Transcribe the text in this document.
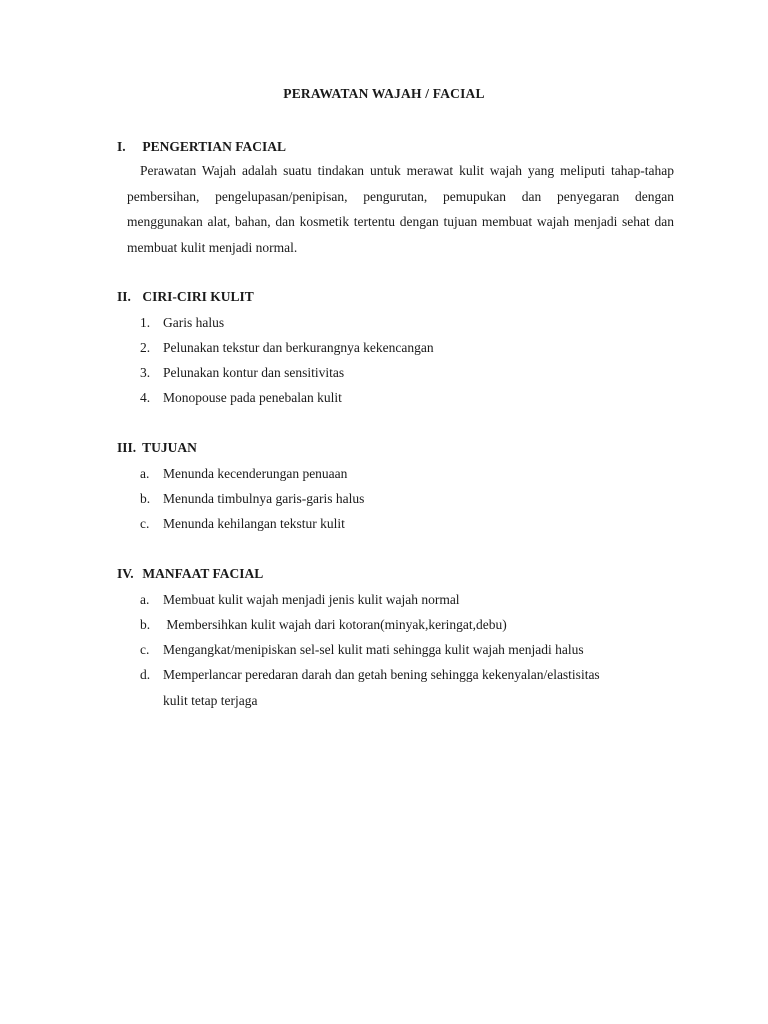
PERAWATAN WAJAH / FACIAL
I. PENGERTIAN FACIAL
Perawatan Wajah adalah suatu tindakan untuk merawat kulit wajah yang meliputi tahap-tahap pembersihan, pengelupasan/penipisan, pengurutan, pemupukan dan penyegaran dengan menggunakan alat, bahan, dan kosmetik tertentu dengan tujuan membuat wajah menjadi sehat dan membuat kulit menjadi normal.
II. CIRI-CIRI KULIT
1. Garis halus
2. Pelunakan tekstur dan berkurangnya kekencangan
3. Pelunakan kontur dan sensitivitas
4. Monopouse pada penebalan kulit
III. TUJUAN
a. Menunda kecenderungan penuaan
b. Menunda timbulnya garis-garis halus
c. Menunda kehilangan tekstur kulit
IV. MANFAAT FACIAL
a. Membuat kulit wajah menjadi jenis kulit wajah normal
b. Membersihkan kulit wajah dari kotoran(minyak,keringat,debu)
c. Mengangkat/menipiskan sel-sel kulit mati sehingga kulit wajah menjadi halus
d. Memperlancar peredaran darah dan getah bening sehingga kekenyalan/elastisitas
kulit tetap terjaga
